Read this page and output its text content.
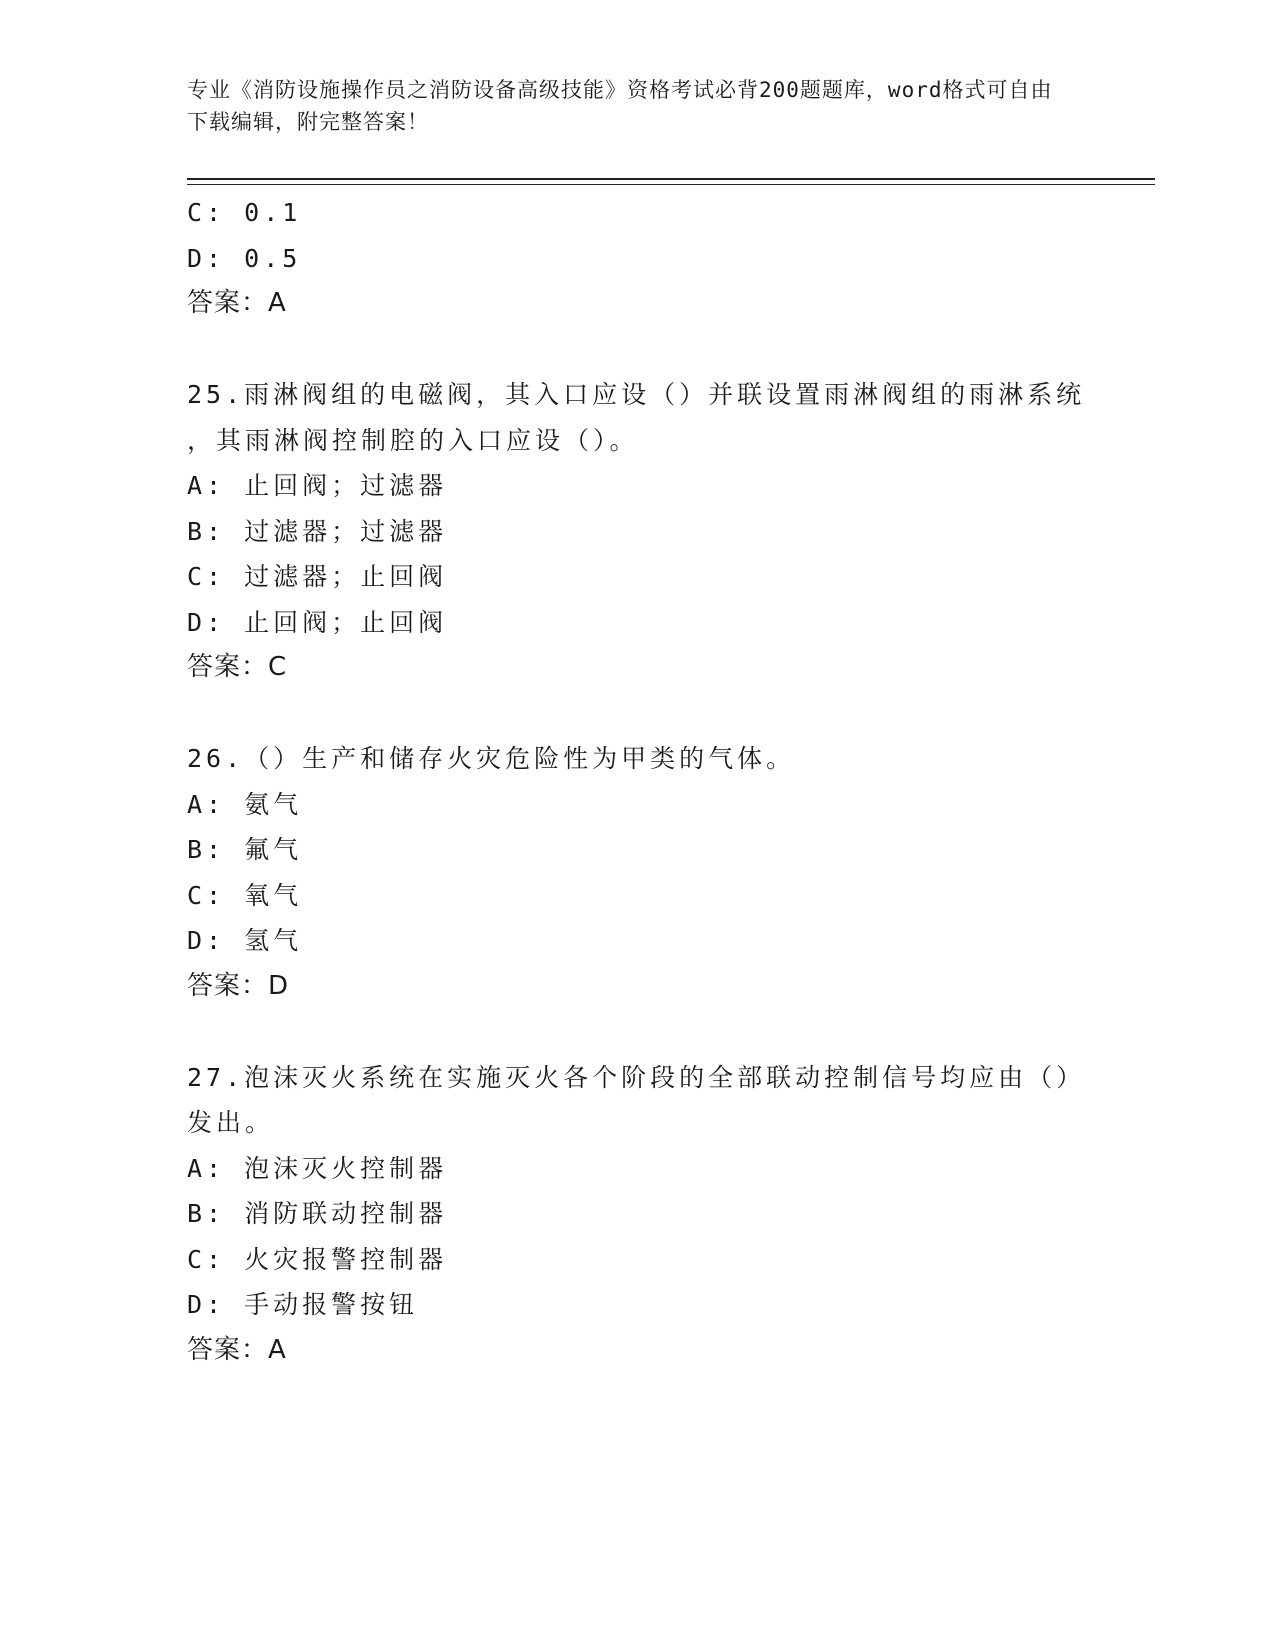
专业《消防设施操作员之消防设备高级技能》资格考试必背200题题库，word格式可自由下载编辑，附完整答案！
C: 0.1
D: 0.5
答案：A
25.雨淋阀组的电磁阀，其入口应设（）并联设置雨淋阀组的雨淋系统
，其雨淋阀控制腔的入口应设（）。
A: 止回阀；过滤器
B: 过滤器；过滤器
C: 过滤器；止回阀
D: 止回阀；止回阀
答案：C
26.（）生产和储存火灾危险性为甲类的气体。
A: 氨气
B: 氟气
C: 氧气
D: 氢气
答案：D
27.泡沫灭火系统在实施灭火各个阶段的全部联动控制信号均应由（）
发出。
A: 泡沫灭火控制器
B: 消防联动控制器
C: 火灾报警控制器
D: 手动报警按钮
答案：A
